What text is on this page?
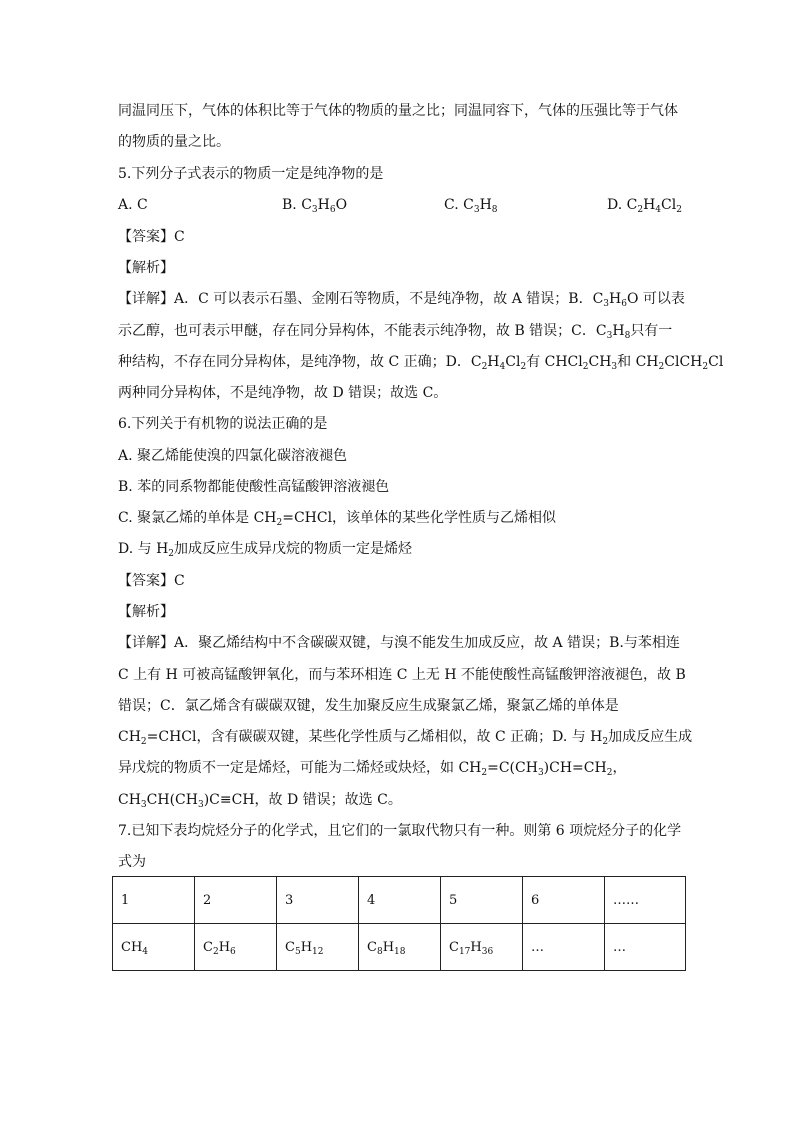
同温同压下，气体的体积比等于气体的物质的量之比；同温同容下，气体的压强比等于气体
的物质的量之比。
5.下列分子式表示的物质一定是纯净物的是
A. C	B. $C_3H_6O$	C. $C_3H_8$	D. $C_2H_4Cl_2$
【答案】C
【解析】
【详解】A．C 可以表示石墨、金刚石等物质，不是纯净物，故 A 错误；B．$C_3H_6O$ 可以表
示乙醇，也可表示甲醚，存在同分异构体，不能表示纯净物，故 B 错误；C．$C_3H_8$只有一
种结构，不存在同分异构体，是纯净物，故 C 正确；D．$C_2H_4Cl_2$有 $CHCl_2CH_3$和 $CH_2ClCH_2Cl$
两种同分异构体，不是纯净物，故 D 错误；故选 C。
6.下列关于有机物的说法正确的是
A. 聚乙烯能使溴的四氯化碳溶液褪色
B. 苯的同系物都能使酸性高锰酸钾溶液褪色
C. 聚氯乙烯的单体是 $CH_2=CHCl$，该单体的某些化学性质与乙烯相似
D. 与 $H_2$加成反应生成异戊烷的物质一定是烯烃
【答案】C
【解析】
【详解】A．聚乙烯结构中不含碳碳双键，与溴不能发生加成反应，故 A 错误；B.与苯相连
C 上有 H 可被高锰酸钾氧化，而与苯环相连 C 上无 H 不能使酸性高锰酸钾溶液褪色，故 B
错误；C．氯乙烯含有碳碳双键，发生加聚反应生成聚氯乙烯，聚氯乙烯的单体是
$CH_2=CHCl$，含有碳碳双键，某些化学性质与乙烯相似，故 C 正确；D. 与 $H_2$加成反应生成
异戊烷的物质不一定是烯烃，可能为二烯烃或炔烃，如 $CH_2=C(CH_3)CH=CH_2$，
$CH_3CH(CH_3)C\equiv CH$，故 D 错误；故选 C。
7.已知下表均烷烃分子的化学式，且它们的一氯取代物只有一种。则第 6 项烷烃分子的化学
式为
1	2	3	4	5	6	……
$CH_4$	$C_2H_6$	$C_5H_{12}$	$C_8H_{18}$	$C_{17}H_{36}$	…	…
